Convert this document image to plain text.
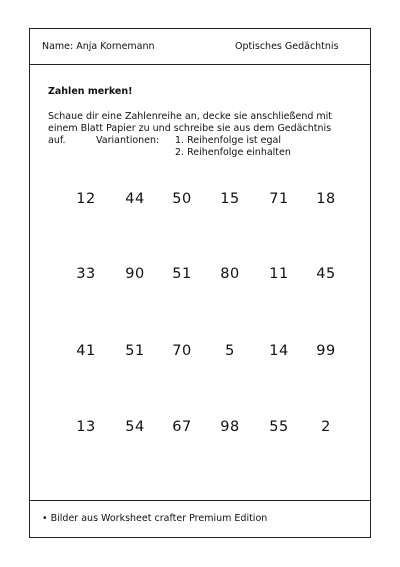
Name: Anja Kornemann	Optisches Gedächtnis
Zahlen merken!
Schaue dir eine Zahlenreihe an, decke sie anschließend mit
einem Blatt Papier zu und schreibe sie aus dem Gedächtnis
auf.	Variantionen: 1. Reihenfolge ist egal
2. Reihenfolge einhalten
12	44	50	15	71	18
33	90	51	80	11	45
41	51	70	5	14	99
13	54	67	98	55	2
• Bilder aus Worksheet crafter Premium Edition
